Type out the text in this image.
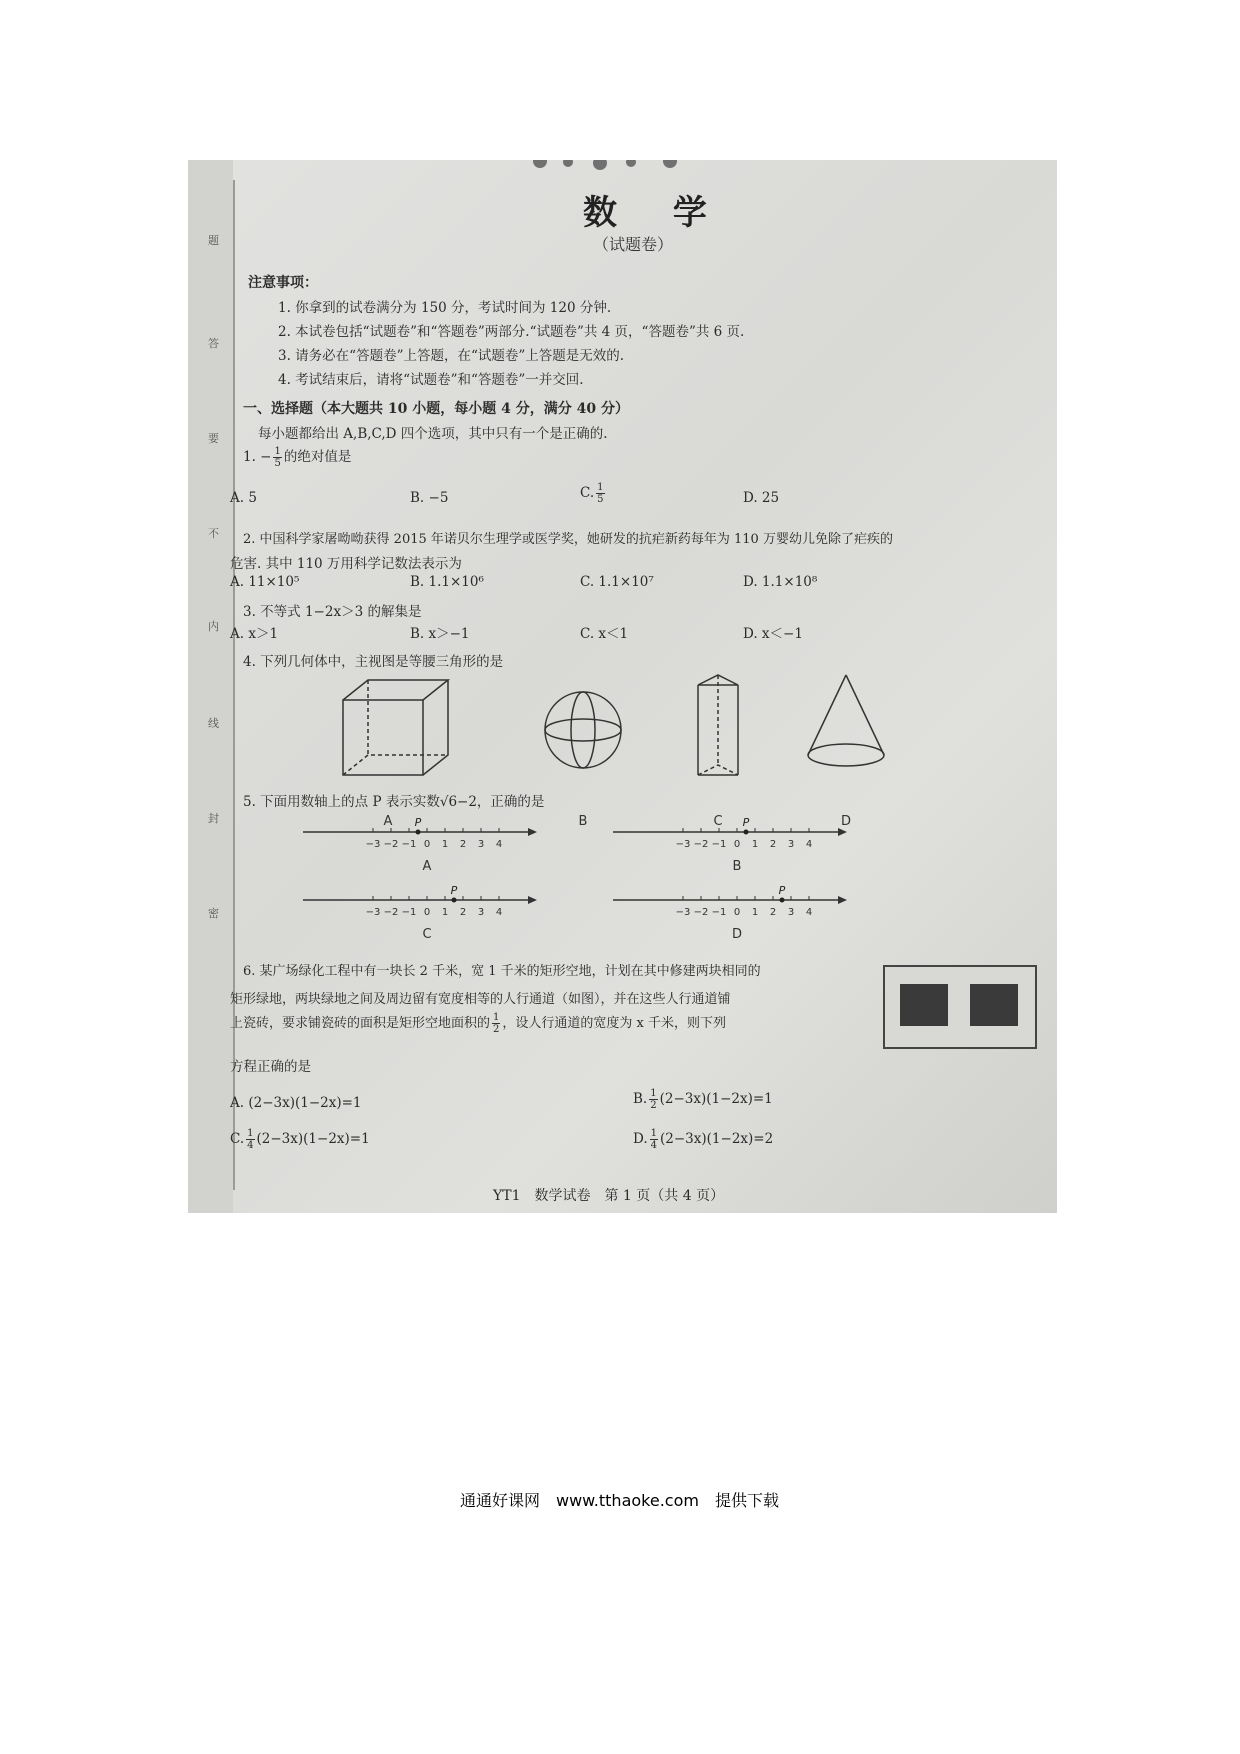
题
答
要
不
内
线
封
密
数 学
（试题卷）
注意事项：
1. 你拿到的试卷满分为 150 分，考试时间为 120 分钟.
2. 本试卷包括“试题卷”和“答题卷”两部分.“试题卷”共 4 页，“答题卷”共 6 页.
3. 请务必在“答题卷”上答题，在“试题卷”上答题是无效的.
4. 考试结束后，请将“试题卷”和“答题卷”一并交回.
一、选择题（本大题共 10 小题，每小题 4 分，满分 40 分）
每小题都给出 A,B,C,D 四个选项，其中只有一个是正确的.
1. − $\frac{1}{5}$ 的绝对值是
A. 5	B. −5	C. $\frac{1}{5}$	D. 25
2. 中国科学家屠呦呦获得 2015 年诺贝尔生理学或医学奖，她研发的抗疟新药每年为 110 万婴幼儿免除了疟疾的
危害. 其中 110 万用科学记数法表示为
A. 11×10⁵	B. 1.1×10⁶	C. 1.1×10⁷	D. 1.1×10⁸
3. 不等式 1−2x＞3 的解集是
A. x＞1	B. x＞−1	C. x＜1	D. x＜−1
4. 下列几何体中，主视图是等腰三角形的是
A	B	C	D
5. 下面用数轴上的点 P 表示实数√6−2，正确的是
−3 −2 −1 0 1 2 3 4
P
A
−3 −2 −1 0 1 2 3 4
P
B
−3 −2 −1 0 1 2 3 4
P
C
−3 −2 −1 0 1 2 3 4
P
D
6. 某广场绿化工程中有一块长 2 千米，宽 1 千米的矩形空地，计划在其中修建两块相同的
矩形绿地，两块绿地之间及周边留有宽度相等的人行通道（如图），并在这些人行通道铺
上瓷砖，要求铺瓷砖的面积是矩形空地面积的 $\frac{1}{2}$ ，设人行通道的宽度为 x 千米，则下列
方程正确的是
A. (2−3x)(1−2x)=1	B. $\frac{1}{2} (2-3x)(1-2x)=1$
C. $\frac{1}{4} (2-3x)(1-2x)=1$	D. $\frac{1}{4} (2-3x)(1-2x)=2$
YT1　数学试卷　第 1 页（共 4 页）
通通好课网　www.tthaoke.com　提供下载
